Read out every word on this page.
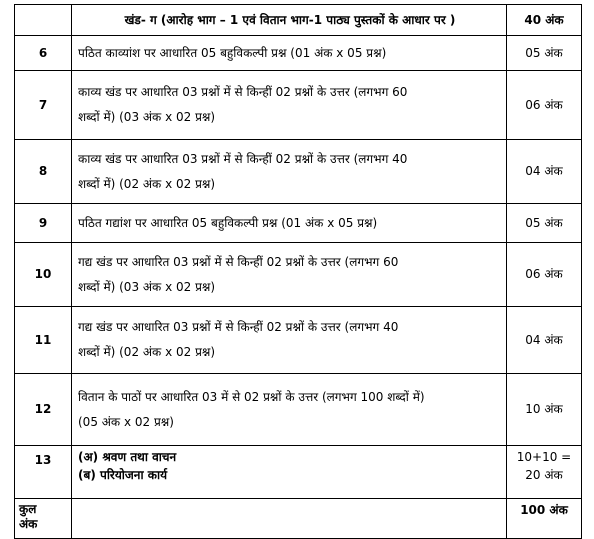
	खंड- ग (आरोह भाग – 1 एवं वितान भाग-1 पाठ्य पुस्तकों के आधार पर )	40 अंक
6	पठित काव्यांश पर आधारित 05 बहुविकल्पी प्रश्न (01 अंक x 05 प्रश्न)	05 अंक
7	काव्य खंड पर आधारित 03 प्रश्नों में से किन्हीं 02 प्रश्नों के उत्तर (लगभग 60
शब्दों में) (03 अंक x 02 प्रश्न)	06 अंक
8	काव्य खंड पर आधारित 03 प्रश्नों में से किन्हीं 02 प्रश्नों के उत्तर (लगभग 40
शब्दों में) (02 अंक x 02 प्रश्न)	04 अंक
9	पठित गद्यांश पर आधारित 05 बहुविकल्पी प्रश्न (01 अंक x 05 प्रश्न)	05 अंक
10	गद्य खंड पर आधारित 03 प्रश्नों में से किन्हीं 02 प्रश्नों के उत्तर (लगभग 60
शब्दों में) (03 अंक x 02 प्रश्न)	06 अंक
11	गद्य खंड पर आधारित 03 प्रश्नों में से किन्हीं 02 प्रश्नों के उत्तर (लगभग 40
शब्दों में) (02 अंक x 02 प्रश्न)	04 अंक
12	वितान के पाठों पर आधारित 03 में से 02 प्रश्नों के उत्तर (लगभग 100 शब्दों में)
(05 अंक x 02 प्रश्न)	10 अंक
13	(अ) श्रवण तथा वाचन
(ब) परियोजना कार्य	10+10 =
20 अंक

कुल
अंक		100 अंक
